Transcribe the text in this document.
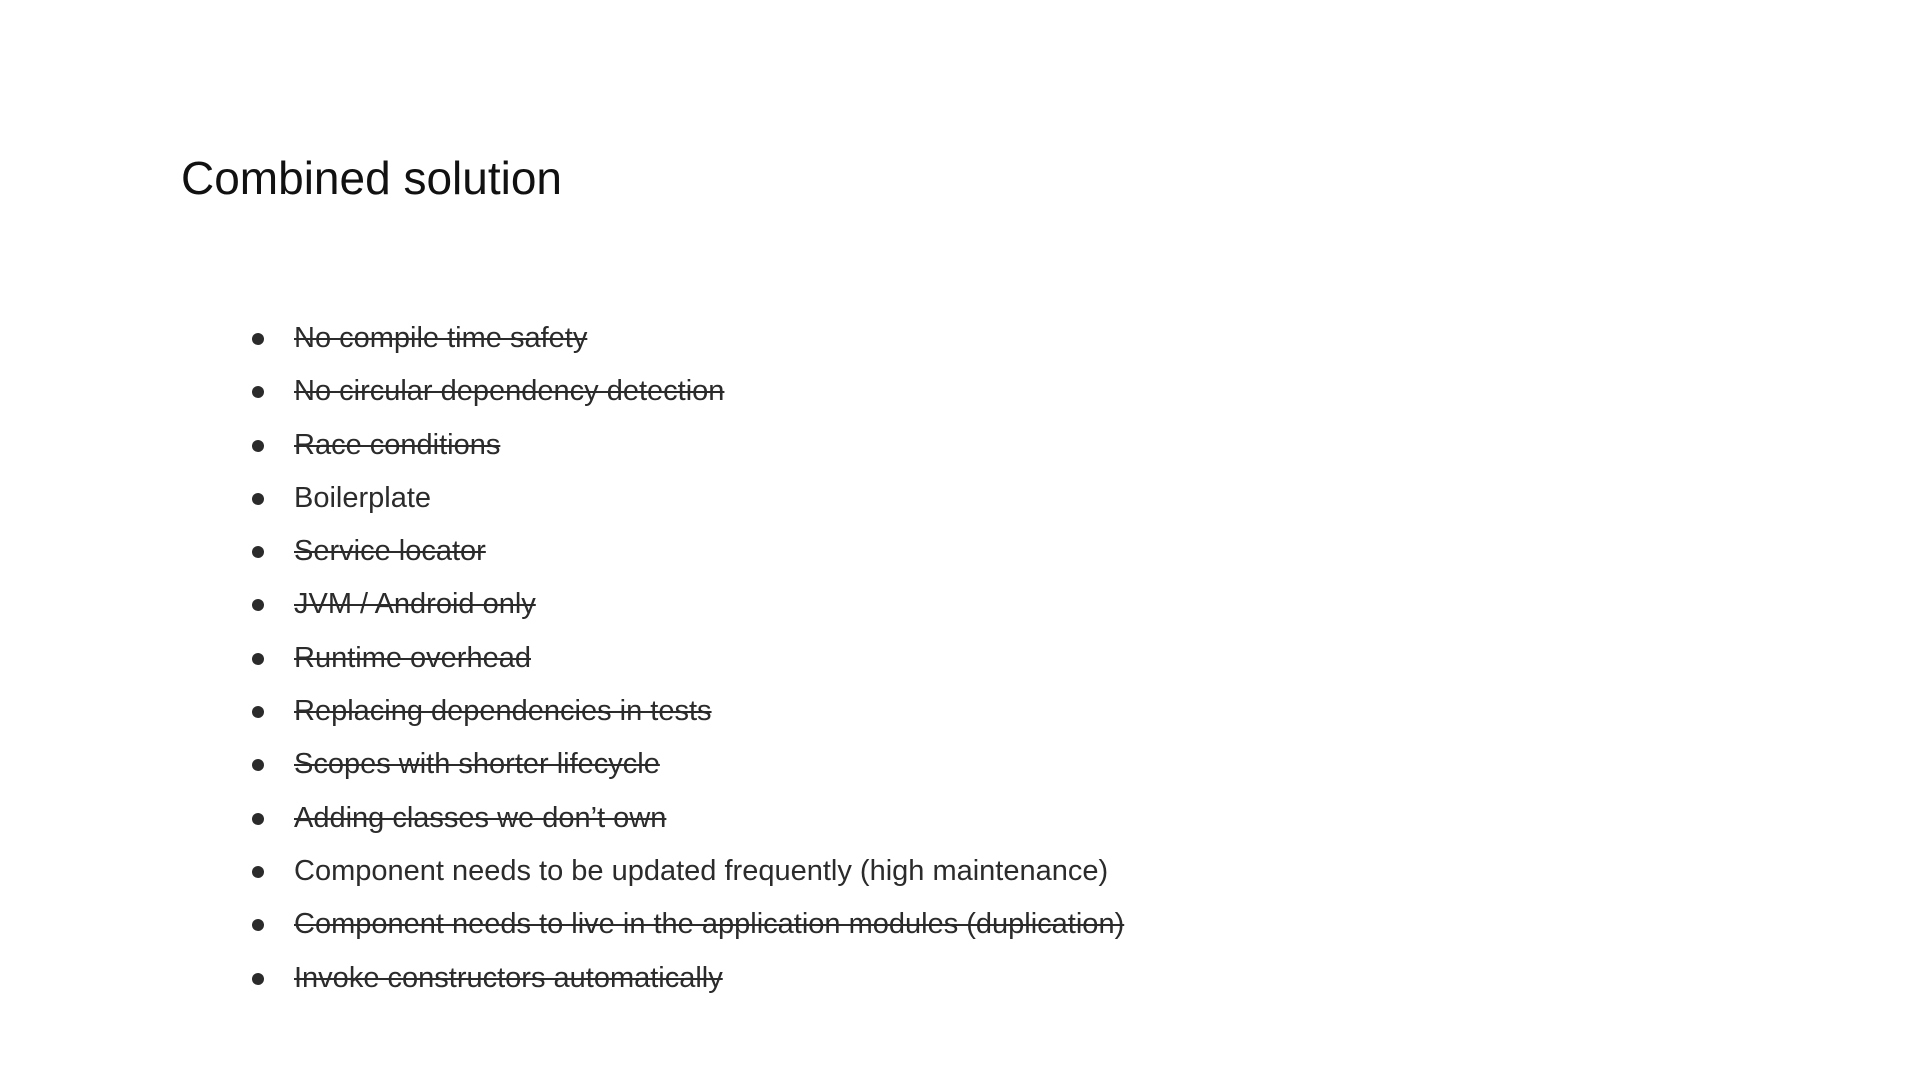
Combined solution
No compile time safety
No circular dependency detection
Race conditions
Boilerplate
Service locator
JVM / Android only
Runtime overhead
Replacing dependencies in tests
Scopes with shorter lifecycle
Adding classes we don’t own
Component needs to be updated frequently (high maintenance)
Component needs to live in the application modules (duplication)
Invoke constructors automatically
